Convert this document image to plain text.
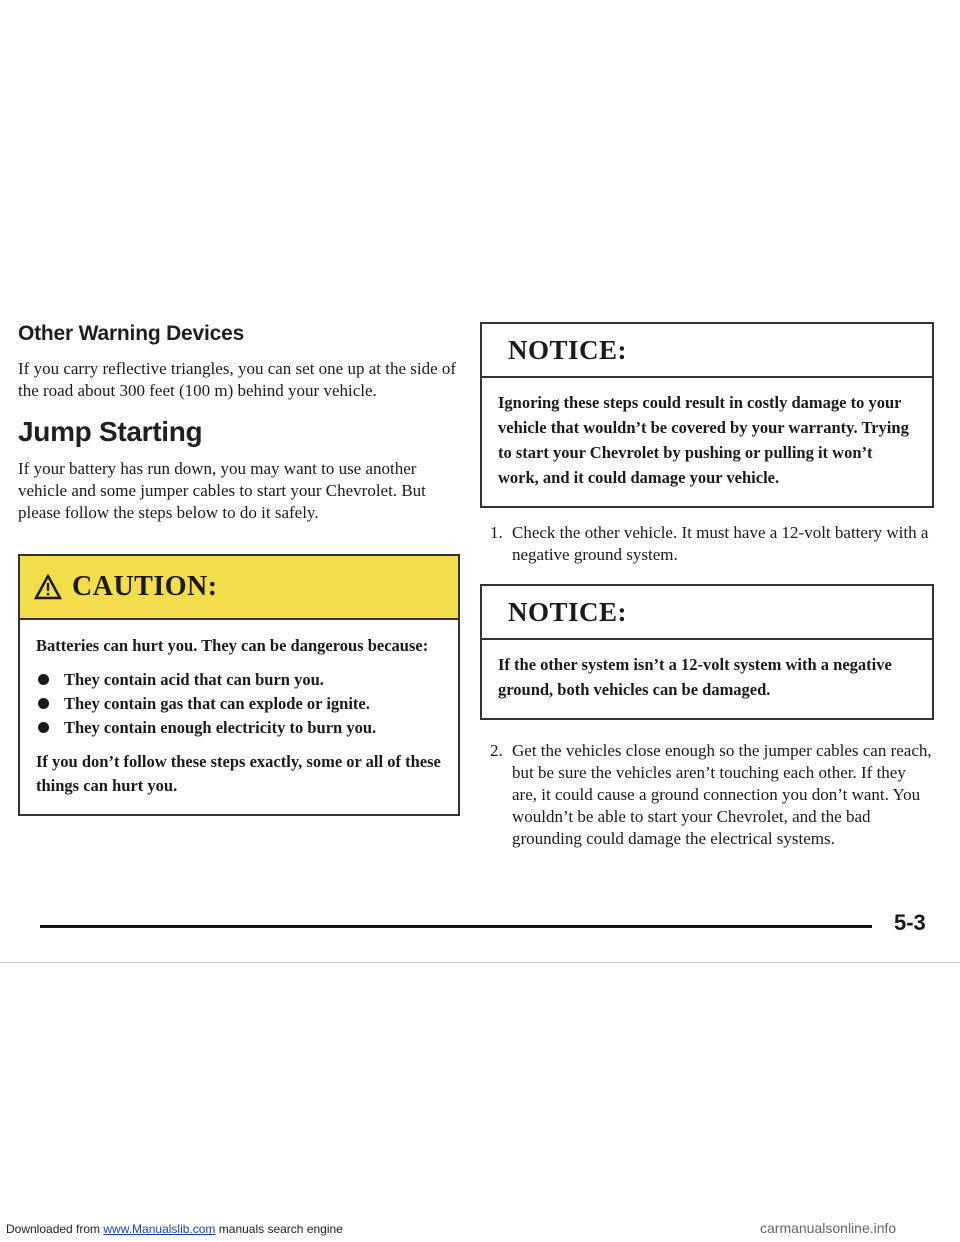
Other Warning Devices

If you carry reflective triangles, you can set one up at the side of the road about 300 feet (100 m) behind your vehicle.

Jump Starting

If your battery has run down, you may want to use another vehicle and some jumper cables to start your Chevrolet. But please follow the steps below to do it safely.

CAUTION:

Batteries can hurt you. They can be dangerous because:

They contain acid that can burn you.
They contain gas that can explode or ignite.
They contain enough electricity to burn you.

If you don’t follow these steps exactly, some or all of these things can hurt you.

NOTICE:

Ignoring these steps could result in costly damage to your vehicle that wouldn’t be covered by your warranty. Trying to start your Chevrolet by pushing or pulling it won’t work, and it could damage your vehicle.

1. Check the other vehicle. It must have a 12-volt battery with a negative ground system.
NOTICE:

If the other system isn’t a 12-volt system with a negative ground, both vehicles can be damaged.

2. Get the vehicles close enough so the jumper cables can reach, but be sure the vehicles aren’t touching each other. If they are, it could cause a ground connection you don’t want. You wouldn’t be able to start your Chevrolet, and the bad grounding could damage the electrical systems.
5-3
Downloaded from www.Manualslib.com manuals search engine	carmanualsonline.info
